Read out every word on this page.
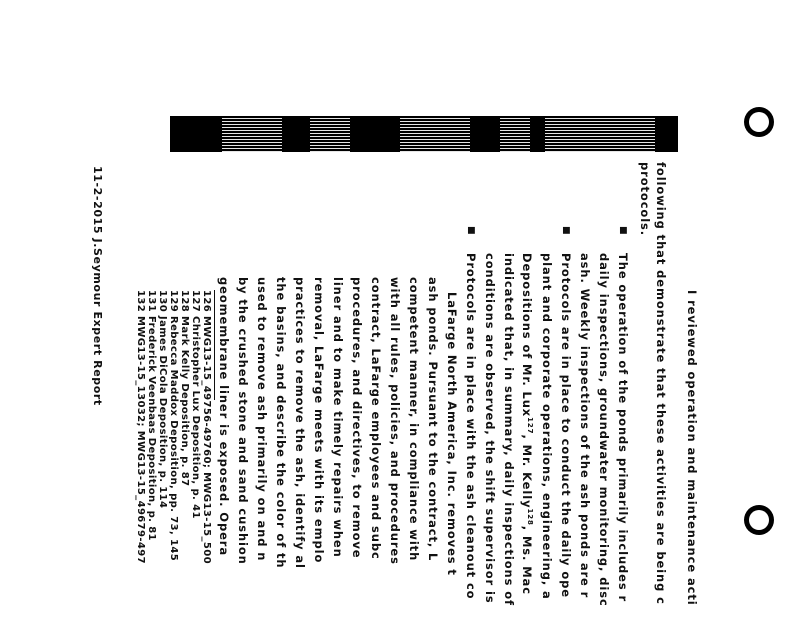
I reviewed operation and maintenance acti
following that demonstrate that these activities are being c
protocols.
■
The operation of the ponds primarily includes r
daily inspections, groundwater monitoring, disc
ash. Weekly inspections of the ash ponds are r
■
Protocols are in place to conduct the daily ope
plant and corporate operations, engineering, a
Depositions of Mr. Lux$^{127}$, Mr. Kelly$^{128}$, Ms. Mac
indicated that, in summary, daily inspections of
conditions are observed, the shift supervisor is
■
Protocols are in place with the ash cleanout co
LaFarge North America, Inc. removes t
ash ponds. Pursuant to the contract, L
competent manner, in compliance with
with all rules, policies, and procedures
contract, LaFarge employees and subc
procedures, and directives, to remove
liner and to make timely repairs when
removal, LaFarge meets with its emplo
practices to remove the ash, identify al
the basins, and describe the color of th
used to remove ash primarily on and n
by the crushed stone and sand cushion
geomembrane liner is exposed. Opera
126 MWG13-15_49756-49760; MWG13-15_500
127 Christopher Lux Deposition, p. 41
128 Mark Kelly Deposition, p. 87
129 Rebecca Maddox Deposition, pp. 73, 145
130 James DiCola Deposition, p. 114
131 Frederick Veenbaas Deposition, p. 81
132 MWG13-15_13032; MWG13-15_49679-497
11-2-2015 J.Seymour Expert Report
